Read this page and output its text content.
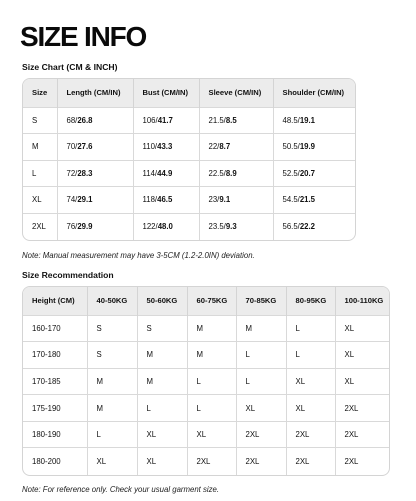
SIZE INFO
Size Chart (CM & INCH)
Size	Length (CM/IN)	Bust (CM/IN)	Sleeve (CM/IN)	Shoulder (CM/IN)
S	68/26.8	106/41.7	21.5/8.5	48.5/19.1
M	70/27.6	110/43.3	22/8.7	50.5/19.9
L	72/28.3	114/44.9	22.5/8.9	52.5/20.7
XL	74/29.1	118/46.5	23/9.1	54.5/21.5
2XL	76/29.9	122/48.0	23.5/9.3	56.5/22.2
Note: Manual measurement may have 3-5CM (1.2-2.0IN) deviation.
Size Recommendation
Height (CM)	40-50KG	50-60KG	60-75KG	70-85KG	80-95KG	100-110KG
160-170	S	S	M	M	L	XL
170-180	S	M	M	L	L	XL
170-185	M	M	L	L	XL	XL
175-190	M	L	L	XL	XL	2XL
180-190	L	XL	XL	2XL	2XL	2XL
180-200	XL	XL	2XL	2XL	2XL	2XL
Note: For reference only. Check your usual garment size.
